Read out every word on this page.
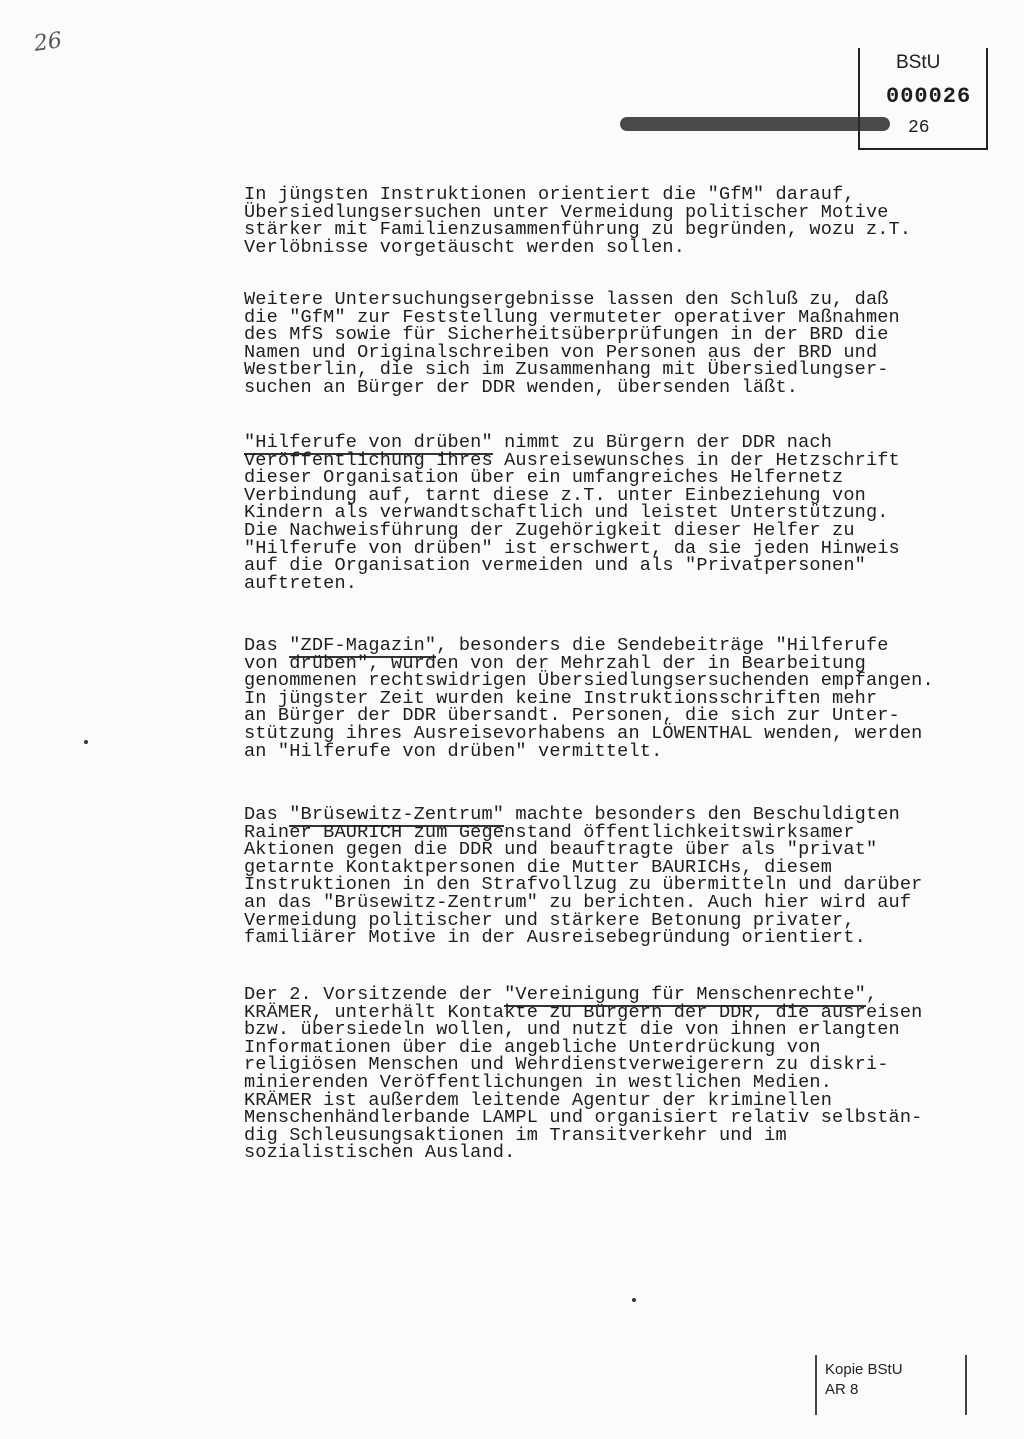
26
BStU
000026
26
In jüngsten Instruktionen orientiert die "GfM" darauf,
Übersiedlungsersuchen unter Vermeidung politischer Motive
stärker mit Familienzusammenführung zu begründen, wozu z.T.
Verlöbnisse vorgetäuscht werden sollen.
Weitere Untersuchungsergebnisse lassen den Schluß zu, daß
die "GfM" zur Feststellung vermuteter operativer Maßnahmen
des MfS sowie für Sicherheitsüberprüfungen in der BRD die
Namen und Originalschreiben von Personen aus der BRD und
Westberlin, die sich im Zusammenhang mit Übersiedlungser-
suchen an Bürger der DDR wenden, übersenden läßt.
"Hilferufe von drüben" nimmt zu Bürgern der DDR nach
Veröffentlichung ihres Ausreisewunsches in der Hetzschrift
dieser Organisation über ein umfangreiches Helfernetz
Verbindung auf, tarnt diese z.T. unter Einbeziehung von
Kindern als verwandtschaftlich und leistet Unterstützung.
Die Nachweisführung der Zugehörigkeit dieser Helfer zu
"Hilferufe von drüben" ist erschwert, da sie jeden Hinweis
auf die Organisation vermeiden und als "Privatpersonen"
auftreten.
Das "ZDF-Magazin", besonders die Sendebeiträge "Hilferufe
von drüben", wurden von der Mehrzahl der in Bearbeitung
genommenen rechtswidrigen Übersiedlungsersuchenden empfangen.
In jüngster Zeit wurden keine Instruktionsschriften mehr
an Bürger der DDR übersandt. Personen, die sich zur Unter-
stützung ihres Ausreisevorhabens an LÖWENTHAL wenden, werden
an "Hilferufe von drüben" vermittelt.
Das "Brüsewitz-Zentrum" machte besonders den Beschuldigten
Rainer BAURICH zum Gegenstand öffentlichkeitswirksamer
Aktionen gegen die DDR und beauftragte über als "privat"
getarnte Kontaktpersonen die Mutter BAURICHs, diesem
Instruktionen in den Strafvollzug zu übermitteln und darüber
an das "Brüsewitz-Zentrum" zu berichten. Auch hier wird auf
Vermeidung politischer und stärkere Betonung privater,
familiärer Motive in der Ausreisebegründung orientiert.
Der 2. Vorsitzende der "Vereinigung für Menschenrechte",
KRÄMER, unterhält Kontakte zu Bürgern der DDR, die ausreisen
bzw. übersiedeln wollen, und nutzt die von ihnen erlangten
Informationen über die angebliche Unterdrückung von
religiösen Menschen und Wehrdienstverweigerern zu diskri-
minierenden Veröffentlichungen in westlichen Medien.
KRÄMER ist außerdem leitende Agentur der kriminellen
Menschenhändlerbande LAMPL und organisiert relativ selbstän-
dig Schleusungsaktionen im Transitverkehr und im
sozialistischen Ausland.
Kopie BStU
AR 8
